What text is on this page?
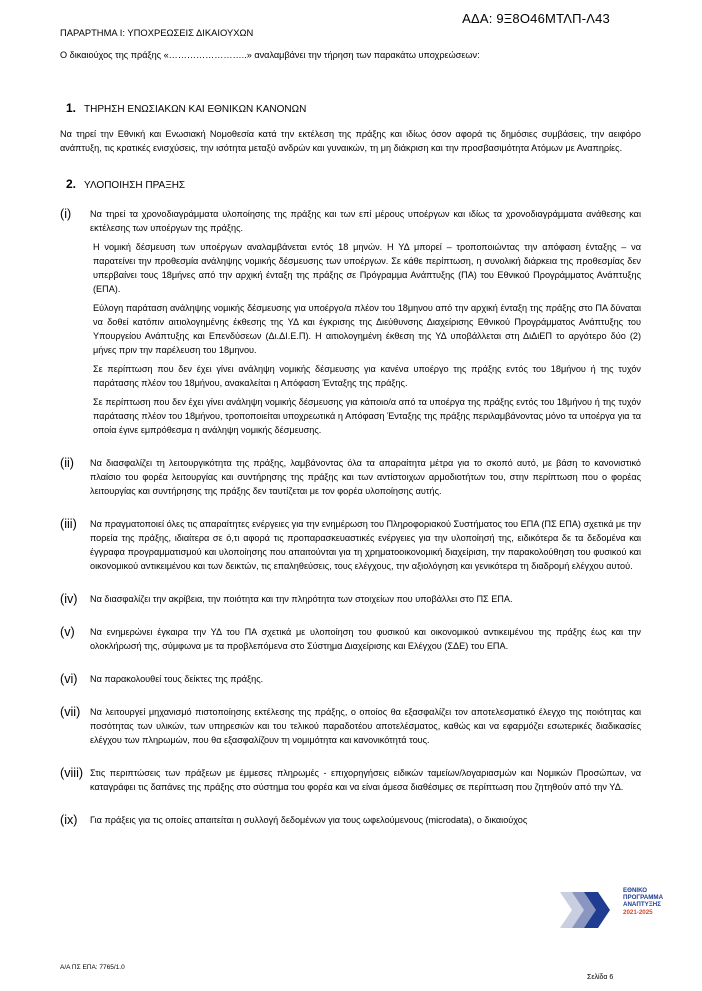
ΑΔΑ: 9Ξ8Ο46ΜΤΛΠ-Λ43
ΠΑΡΑΡΤΗΜΑ Ι: ΥΠΟΧΡΕΩΣΕΙΣ ΔΙΚΑΙΟΥΧΩΝ
Ο δικαιούχος της πράξης «……………………..» αναλαμβάνει την τήρηση των παρακάτω υποχρεώσεων:
1. ΤΗΡΗΣΗ ΕΝΩΣΙΑΚΩΝ ΚΑΙ ΕΘΝΙΚΩΝ ΚΑΝΟΝΩΝ
Να τηρεί την Εθνική και Ενωσιακή Νομοθεσία κατά την εκτέλεση της πράξης και ιδίως όσον αφορά τις δημόσιες συμβάσεις, την αειφόρο ανάπτυξη, τις κρατικές ενισχύσεις, την ισότητα μεταξύ ανδρών και γυναικών, τη μη διάκριση και την προσβασιμότητα Ατόμων με Αναπηρίες.
2. ΥΛΟΠΟΙΗΣΗ ΠΡΑΞΗΣ
(i)	Να τηρεί τα χρονοδιαγράμματα υλοποίησης της πράξης και των επί μέρους υποέργων και ιδίως τα χρονοδιαγράμματα ανάθεσης και εκτέλεσης των υποέργων της πράξης.

Η νομική δέσμευση των υποέργων αναλαμβάνεται εντός 18 μηνών. Η ΥΔ μπορεί – τροποποιώντας την απόφαση ένταξης – να παρατείνει την προθεσμία ανάληψης νομικής δέσμευσης των υποέργων. Σε κάθε περίπτωση, η συνολική διάρκεια της προθεσμίας δεν υπερβαίνει τους 18μήνες από την αρχική ένταξη της πράξης σε Πρόγραμμα Ανάπτυξης (ΠΑ) του Εθνικού Προγράμματος Ανάπτυξης (ΕΠΑ).

Εύλογη παράταση ανάληψης νομικής δέσμευσης για υποέργο/α πλέον του 18μηνου από την αρχική ένταξη της πράξης στο ΠΑ δύναται να δοθεί κατόπιν αιτιολογημένης έκθεσης της ΥΔ και έγκρισης της Διεύθυνσης Διαχείρισης Εθνικού Προγράμματος Ανάπτυξης του Υπουργείου Ανάπτυξης και Επενδύσεων (Δι.ΔΙ.Ε.Π). Η αιτιολογημένη έκθεση της ΥΔ υποβάλλεται στη ΔιΔιΕΠ το αργότερο δύο (2) μήνες πριν την παρέλευση του 18μηνου.

Σε περίπτωση που δεν έχει γίνει ανάληψη νομικής δέσμευσης για κανένα υποέργο της πράξης εντός του 18μήνου ή της τυχόν παράτασης πλέον του 18μήνου, ανακαλείται η Απόφαση Ένταξης της πράξης.

Σε περίπτωση που δεν έχει γίνει ανάληψη νομικής δέσμευσης για κάποιο/α από τα υποέργα της πράξης εντός του 18μήνου ή της τυχόν παράτασης πλέον του 18μήνου, τροποποιείται υποχρεωτικά η Απόφαση Ένταξης της πράξης περιλαμβάνοντας μόνο τα υποέργα για τα οποία έγινε εμπρόθεσμα η ανάληψη νομικής δέσμευσης.

(ii)	Να διασφαλίζει τη λειτουργικότητα της πράξης, λαμβάνοντας όλα τα απαραίτητα μέτρα για το σκοπό αυτό, με βάση το κανονιστικό πλαίσιο του φορέα λειτουργίας και συντήρησης της πράξης και των αντίστοιχων αρμοδιοτήτων του, στην περίπτωση που ο φορέας λειτουργίας και συντήρησης της πράξης δεν ταυτίζεται με τον φορέα υλοποίησης αυτής.

(iii)	Να πραγματοποιεί όλες τις απαραίτητες ενέργειες για την ενημέρωση του Πληροφοριακού Συστήματος του ΕΠΑ (ΠΣ ΕΠΑ) σχετικά με την πορεία της πράξης, ιδιαίτερα σε ό,τι αφορά τις προπαρασκευαστικές ενέργειες για την υλοποίησή της, ειδικότερα δε τα δεδομένα και έγγραφα προγραμματισμού και υλοποίησης που απαιτούνται για τη χρηματοοικονομική διαχείριση, την παρακολούθηση του φυσικού και οικονομικού αντικειμένου και των δεικτών, τις επαληθεύσεις, τους ελέγχους, την αξιολόγηση και γενικότερα τη διαδρομή ελέγχου αυτού.

(iv)	Να διασφαλίζει την ακρίβεια, την ποιότητα και την πληρότητα των στοιχείων που υποβάλλει στο ΠΣ ΕΠΑ.

(v)	Να ενημερώνει έγκαιρα την ΥΔ του ΠΑ σχετικά με υλοποίηση του φυσικού και οικονομικού αντικειμένου της πράξης έως και την ολοκλήρωσή της, σύμφωνα με τα προβλεπόμενα στο Σύστημα Διαχείρισης και Ελέγχου (ΣΔΕ) του ΕΠΑ.

(vi)	Να παρακολουθεί τους δείκτες της πράξης.

(vii)	Να λειτουργεί μηχανισμό πιστοποίησης εκτέλεσης της πράξης, ο οποίος θα εξασφαλίζει τον αποτελεσματικό έλεγχο της ποιότητας και ποσότητας των υλικών, των υπηρεσιών και του τελικού παραδοτέου αποτελέσματος, καθώς και να εφαρμόζει εσωτερικές διαδικασίες ελέγχου των πληρωμών, που θα εξασφαλίζουν τη νομιμότητα και κανονικότητά τους.

(viii) Στις περιπτώσεις των πράξεων με έμμεσες πληρωμές - επιχορηγήσεις ειδικών ταμείων/λογαριασμών και Νομικών Προσώπων, να καταγράφει τις δαπάνες της πράξης στο σύστημα του φορέα και να είναι άμεσα διαθέσιμες σε περίπτωση που ζητηθούν από την ΥΔ.

(ix)	Για πράξεις για τις οποίες απαιτείται η συλλογή δεδομένων για τους ωφελούμενους (microdata), ο δικαιούχος

ΕΘΝΙΚΟ
ΠΡΟΓΡΑΜΜΑ
ΑΝΑΠΤΥΞΗΣ
2021-2025
Α/Α ΠΣ ΕΠΑ: 7765/1.0
Σελίδα 6
